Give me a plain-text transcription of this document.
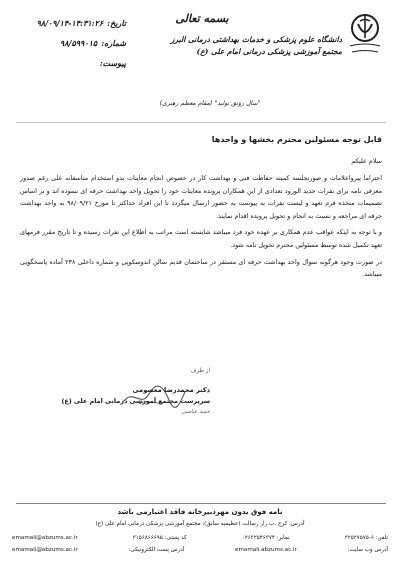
دانشگاه علوم پزشکی و خدمات بهداشتی درمانی البرز
مجتمع آموزشی پزشکی درمانی امام علی (ع)
بسمه تعالی
تاریخ:
۹۸/۰۹/۱۴-۱۴:۳۱:۲۶
شماره:
۹۸/۵۹۹۰۱۵
پیوست:
"سال رونق تولید" (مقام معظم رهبری)
قابل توجه مسئولین محترم بخشها و واحدها
سلام علیکم

احتراما پیرواعلامات و صورتجلسه کمیته حفاظت فنی و بهداشت کار در خصوص انجام معاینات بدو استخدام متاسفانه علی رغم صدور معرفی نامه برای نفرات جدید الورود تعدادی از این همکاران پرونده معاینات خود را تحویل واحد بهداشت حرفه ای ننموده اند و بر اساس تصمیمات متخذه فرم تعهد و لیست نفرات به پیوست به حضور ارسال میگردد تا این افراد حداکثر تا مورخ ۹۸/۰۹/۲۱ به واحد بهداشت حرفه ای مراجعه و نسبت به انجام و تحویل پرونده اقدام نمایند.

و با توجه به اینکه عواقب عدم همکاری بر عهده خود فرد میباشد شایسته است مراتب به اطلاع این نفرات رسیده و تا تاریخ مقرر فرمهای تعهد تکمیل شده توسط مسئولین محترم تحویل نامه شود.

در صورت وجود هرگونه سوال واحد بهداشت حرفه ای مستقر در ساختمان قدیم سالن اندوسکوپی و شماره داخلی ۲۳۸ آماده پاسخگویی میباشد.

از طرف
دکتر محمدرضا معصومی
سرپرست مجتمع آموزشی درمانی امام علی (ع)
حمید عباسی
نامه فوق بدون مهردبیرخانه فاقد اعتبارمی باشد
آدرس: کرج ،ب.رار رسالت (عظیمیه سابق)، مجتمع آموزشی پزشکی درمانی امام علی (ع)
تلفن: ۶-۳۲۵۲۷۵۷۵
نمابر: ۰۲۶۳۲۵۴۶۳۷۴
کد پستی: ۳۱۵۶۸۶۶۶۹۵
emamali@abzums.ac.ir
آدرس وب سایت:
emamali.abzums.ac.ir
آدرس پست الکترونیکی:
emamali@abzums.ac.ir
